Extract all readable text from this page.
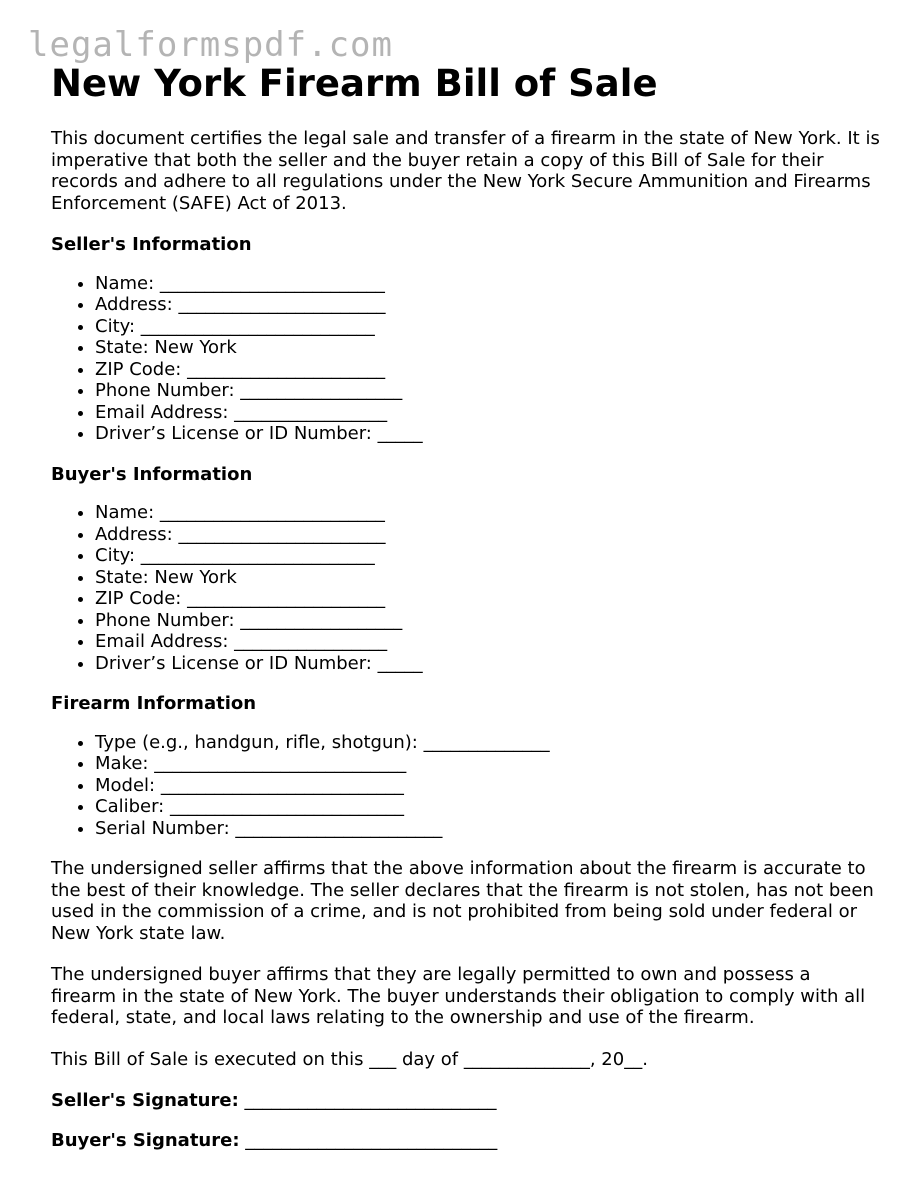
legalformspdf.com
New York Firearm Bill of Sale

This document certifies the legal sale and transfer of a firearm in the state of New York. It is imperative that both the seller and the buyer retain a copy of this Bill of Sale for their records and adhere to all regulations under the New York Secure Ammunition and Firearms Enforcement (SAFE) Act of 2013.

Seller's Information
• Name: _________________________
• Address: _______________________
• City: __________________________
• State: New York
• ZIP Code: ______________________
• Phone Number: __________________
• Email Address: _________________
• Driver’s License or ID Number: _____
Buyer's Information
• Name: _________________________
• Address: _______________________
• City: __________________________
• State: New York
• ZIP Code: ______________________
• Phone Number: __________________
• Email Address: _________________
• Driver’s License or ID Number: _____
Firearm Information
• Type (e.g., handgun, rifle, shotgun): ______________
• Make: ____________________________
• Model: ___________________________
• Caliber: __________________________
• Serial Number: _______________________

The undersigned seller affirms that the above information about the firearm is accurate to the best of their knowledge. The seller declares that the firearm is not stolen, has not been used in the commission of a crime, and is not prohibited from being sold under federal or New York state law.

The undersigned buyer affirms that they are legally permitted to own and possess a firearm in the state of New York. The buyer understands their obligation to comply with all federal, state, and local laws relating to the ownership and use of the firearm.

This Bill of Sale is executed on this ___ day of ______________, 20__.

Seller's Signature: ____________________________
Buyer's Signature: ____________________________
